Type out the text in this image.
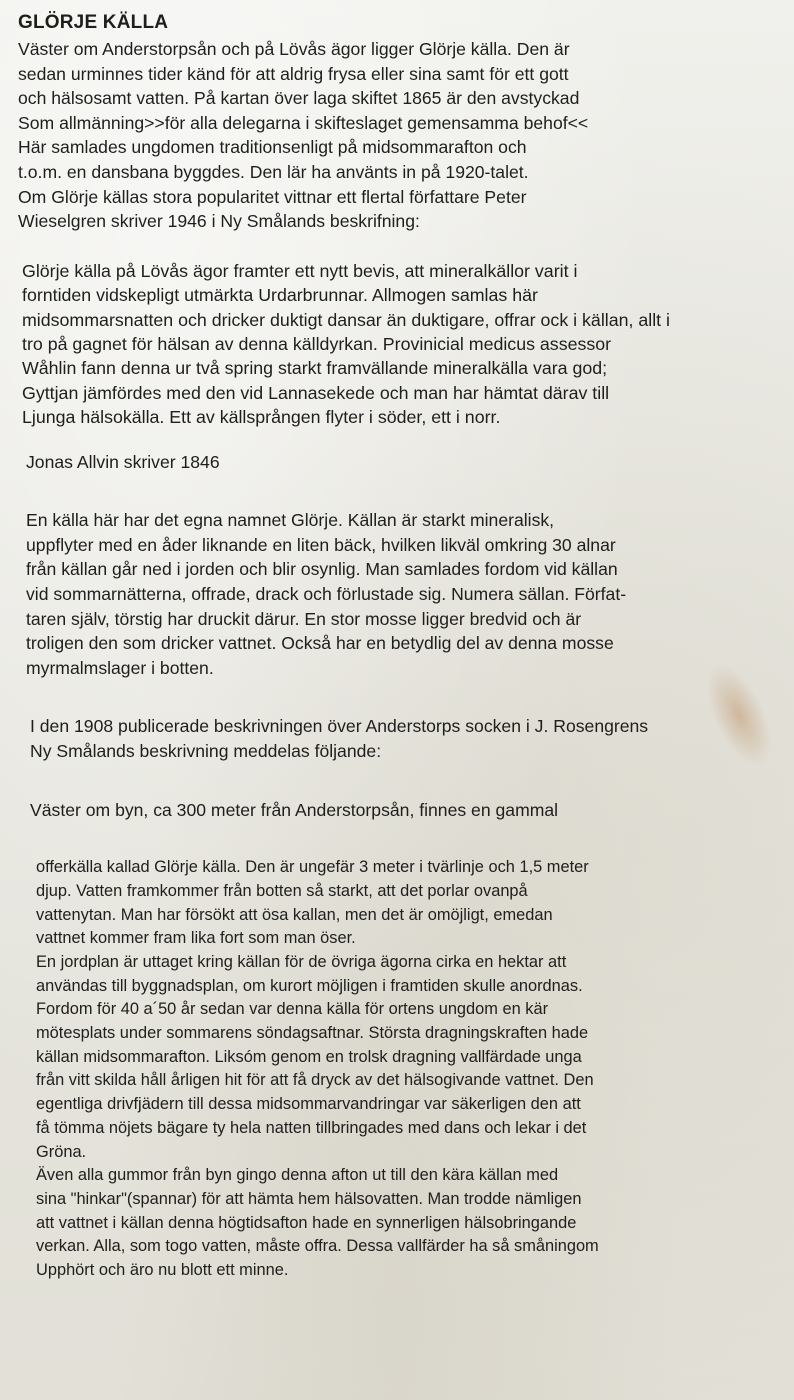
GLÖRJE KÄLLA

Väster om Anderstorpsån och på Lövås ägor ligger Glörje källa. Den är

sedan urminnes tider känd för att aldrig frysa eller sina samt för ett gott

och hälsosamt vatten. På kartan över laga skiftet 1865 är den avstyckad

Som allmänning>>för alla delegarna i skifteslaget gemensamma behof<<

Här samlades ungdomen traditionsenligt på midsommarafton och

t.o.m. en dansbana byggdes. Den lär ha använts in på 1920-talet.

Om Glörje källas stora popularitet vittnar ett flertal författare Peter

Wieselgren skriver 1946 i Ny Smålands beskrifning:

Glörje källa på Lövås ägor framter ett nytt bevis, att mineralkällor varit i

forntiden vidskepligt utmärkta Urdarbrunnar. Allmogen samlas här

midsommarsnatten och dricker duktigt dansar än duktigare, offrar ock i källan, allt i

tro på gagnet för hälsan av denna källdyrkan. Provinicial medicus assessor

Wåhlin fann denna ur två spring starkt framvällande mineralkälla vara god;

Gyttjan jämfördes med den vid Lannasekede och man har hämtat därav till

Ljunga hälsokälla. Ett av källsprången flyter i söder, ett i norr.

Jonas Allvin skriver 1846

En källa här har det egna namnet Glörje. Källan är starkt mineralisk,

uppflyter med en åder liknande en liten bäck, hvilken likväl omkring 30 alnar

från källan går ned i jorden och blir osynlig. Man samlades fordom vid källan

vid sommarnätterna, offrade, drack och förlustade sig. Numera sällan. Förfat-

taren själv, törstig har druckit därur. En stor mosse ligger bredvid och är

troligen den som dricker vattnet. Också har en betydlig del av denna mosse

myrmalmslager i botten.

I den 1908 publicerade beskrivningen över Anderstorps socken i J. Rosengrens

Ny Smålands beskrivning meddelas följande:

Väster om byn, ca 300 meter från Anderstorpsån, finnes en gammal

offerkälla kallad Glörje källa. Den är ungefär 3 meter i tvärlinje och 1,5 meter

djup. Vatten framkommer från botten så starkt, att det porlar ovanpå

vattenytan. Man har försökt att ösa kallan, men det är omöjligt, emedan

vattnet kommer fram lika fort som man öser.

En jordplan är uttaget kring källan för de övriga ägorna cirka en hektar att

användas till byggnadsplan, om kurort möjligen i framtiden skulle anordnas.

Fordom för 40 a´50 år sedan var denna källa för ortens ungdom en kär

mötesplats under sommarens söndagsaftnar. Största dragningskraften hade

källan midsommarafton. Liksóm genom en trolsk dragning vallfärdade unga

från vitt skilda håll årligen hit för att få dryck av det hälsogivande vattnet. Den

egentliga drivfjädern till dessa midsommarvandringar var säkerligen den att

få tömma nöjets bägare ty hela natten tillbringades med dans och lekar i det

Gröna.

Även alla gummor från byn gingo denna afton ut till den kära källan med

sina "hinkar"(spannar) för att hämta hem hälsovatten. Man trodde nämligen

att vattnet i källan denna högtidsafton hade en synnerligen hälsobringande

verkan. Alla, som togo vatten, måste offra. Dessa vallfärder ha så småningom

Upphört och äro nu blott ett minne.
